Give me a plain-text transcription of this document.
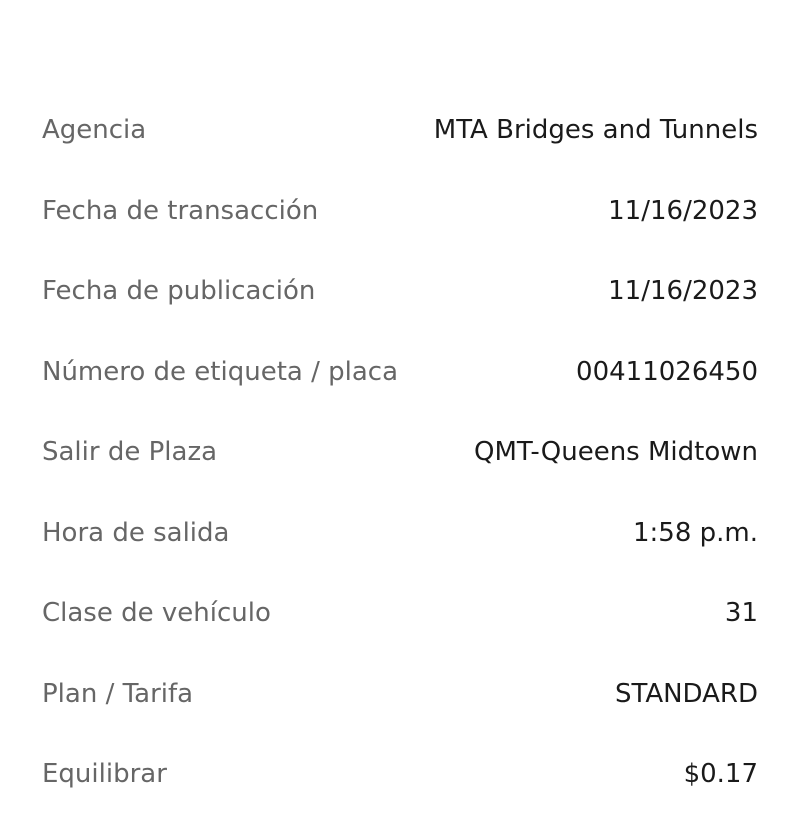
Agencia	MTA Bridges and Tunnels
Fecha de transacción	11/16/2023
Fecha de publicación	11/16/2023
Número de etiqueta / placa	00411026450
Salir de Plaza	QMT-Queens Midtown
Hora de salida	1:58 p.m.
Clase de vehículo	31
Plan / Tarifa	STANDARD
Equilibrar	$0.17
